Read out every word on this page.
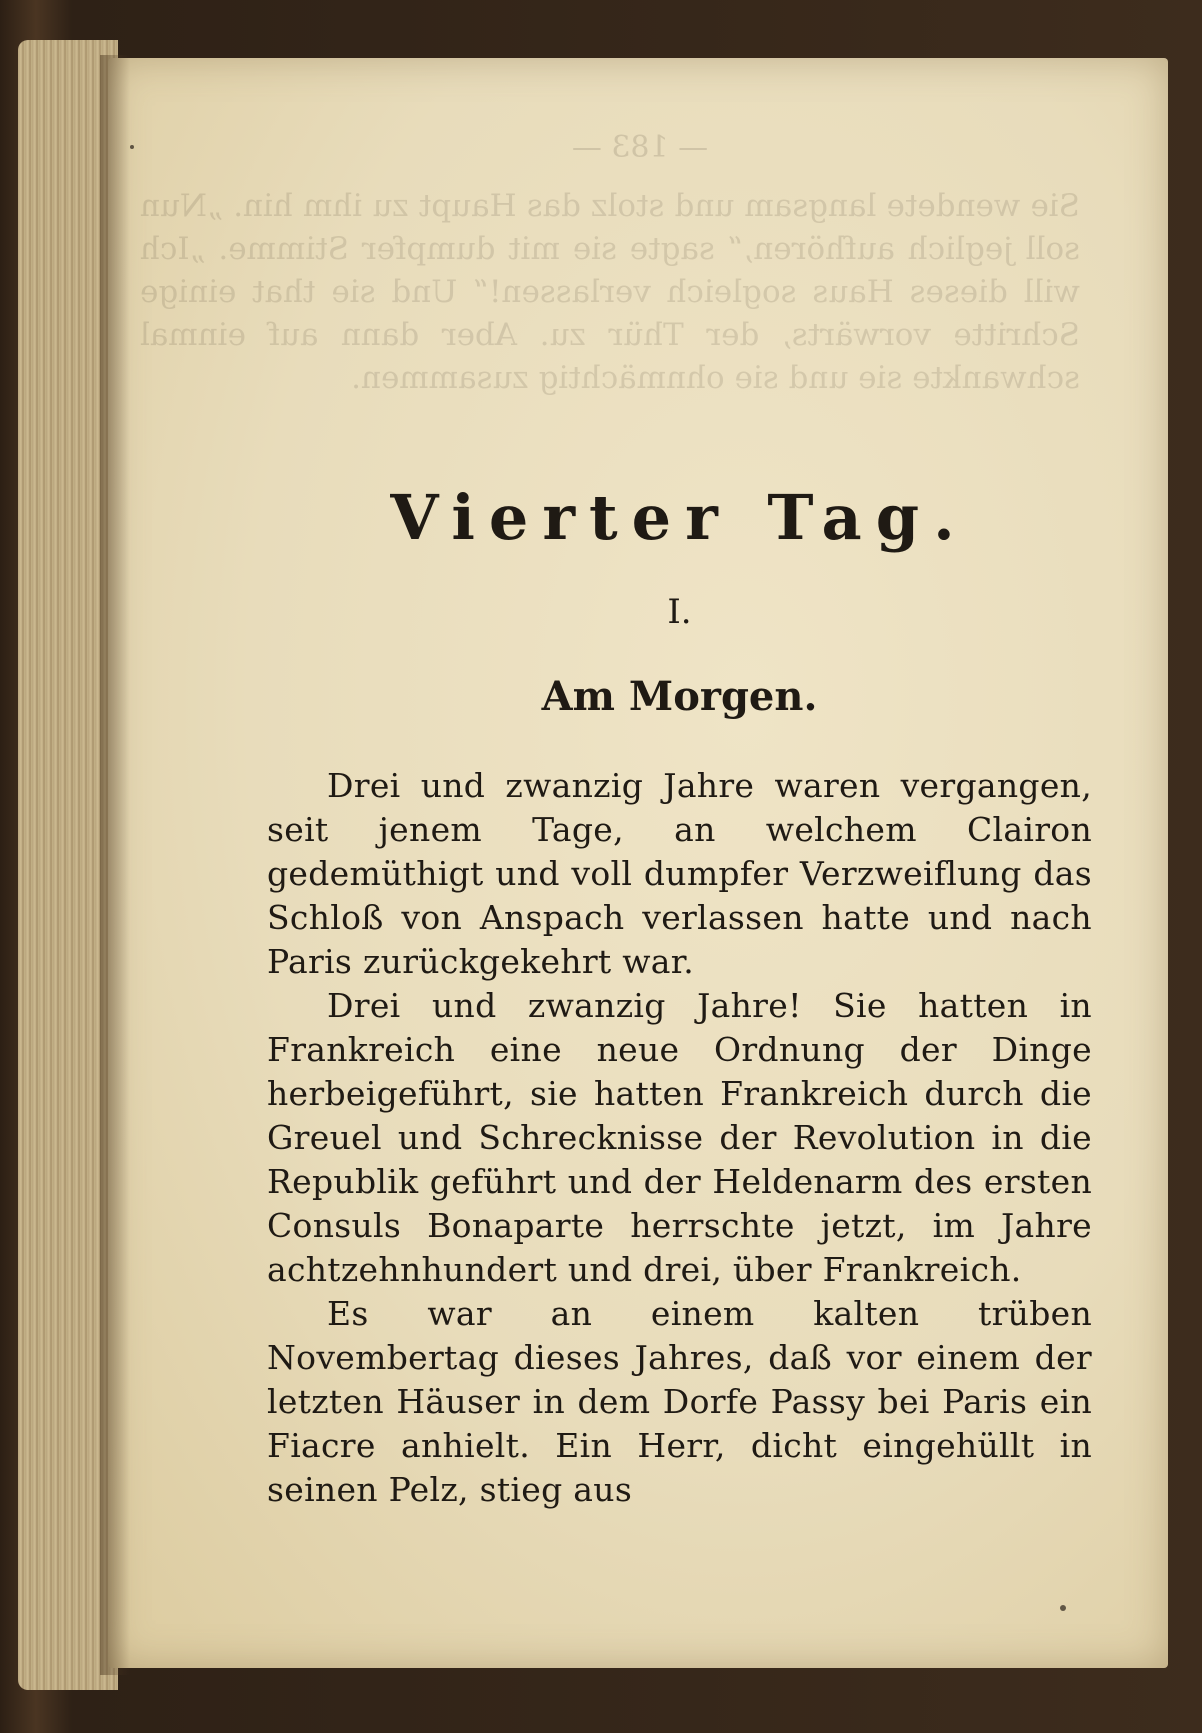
— 183 —
Sie wendete langsam und stolz das Haupt zu ihm hin. „Nun soll jeglich aufhören,“ sagte sie mit dumpfer Stimme. „Ich will dieses Haus sogleich verlassen!“ Und sie that einige Schritte vorwärts, der Thür zu. Aber dann auf einmal schwankte sie und sie ohnmächtig zusammen.
Vierter Tag.
I.
Am Morgen.

Drei und zwanzig Jahre waren vergangen, seit jenem Tage, an welchem Clairon gedemüthigt und voll dumpfer Verzweiflung das Schloß von Anspach verlassen hatte und nach Paris zurückgekehrt war.

Drei und zwanzig Jahre! Sie hatten in Frankreich eine neue Ordnung der Dinge herbeigeführt, sie hatten Frankreich durch die Greuel und Schrecknisse der Revolution in die Republik geführt und der Heldenarm des ersten Consuls Bonaparte herrschte jetzt, im Jahre achtzehnhundert und drei, über Frankreich.

Es war an einem kalten trüben Novembertag dieses Jahres, daß vor einem der letzten Häuser in dem Dorfe Passy bei Paris ein Fiacre anhielt. Ein Herr, dicht eingehüllt in seinen Pelz, stieg aus
